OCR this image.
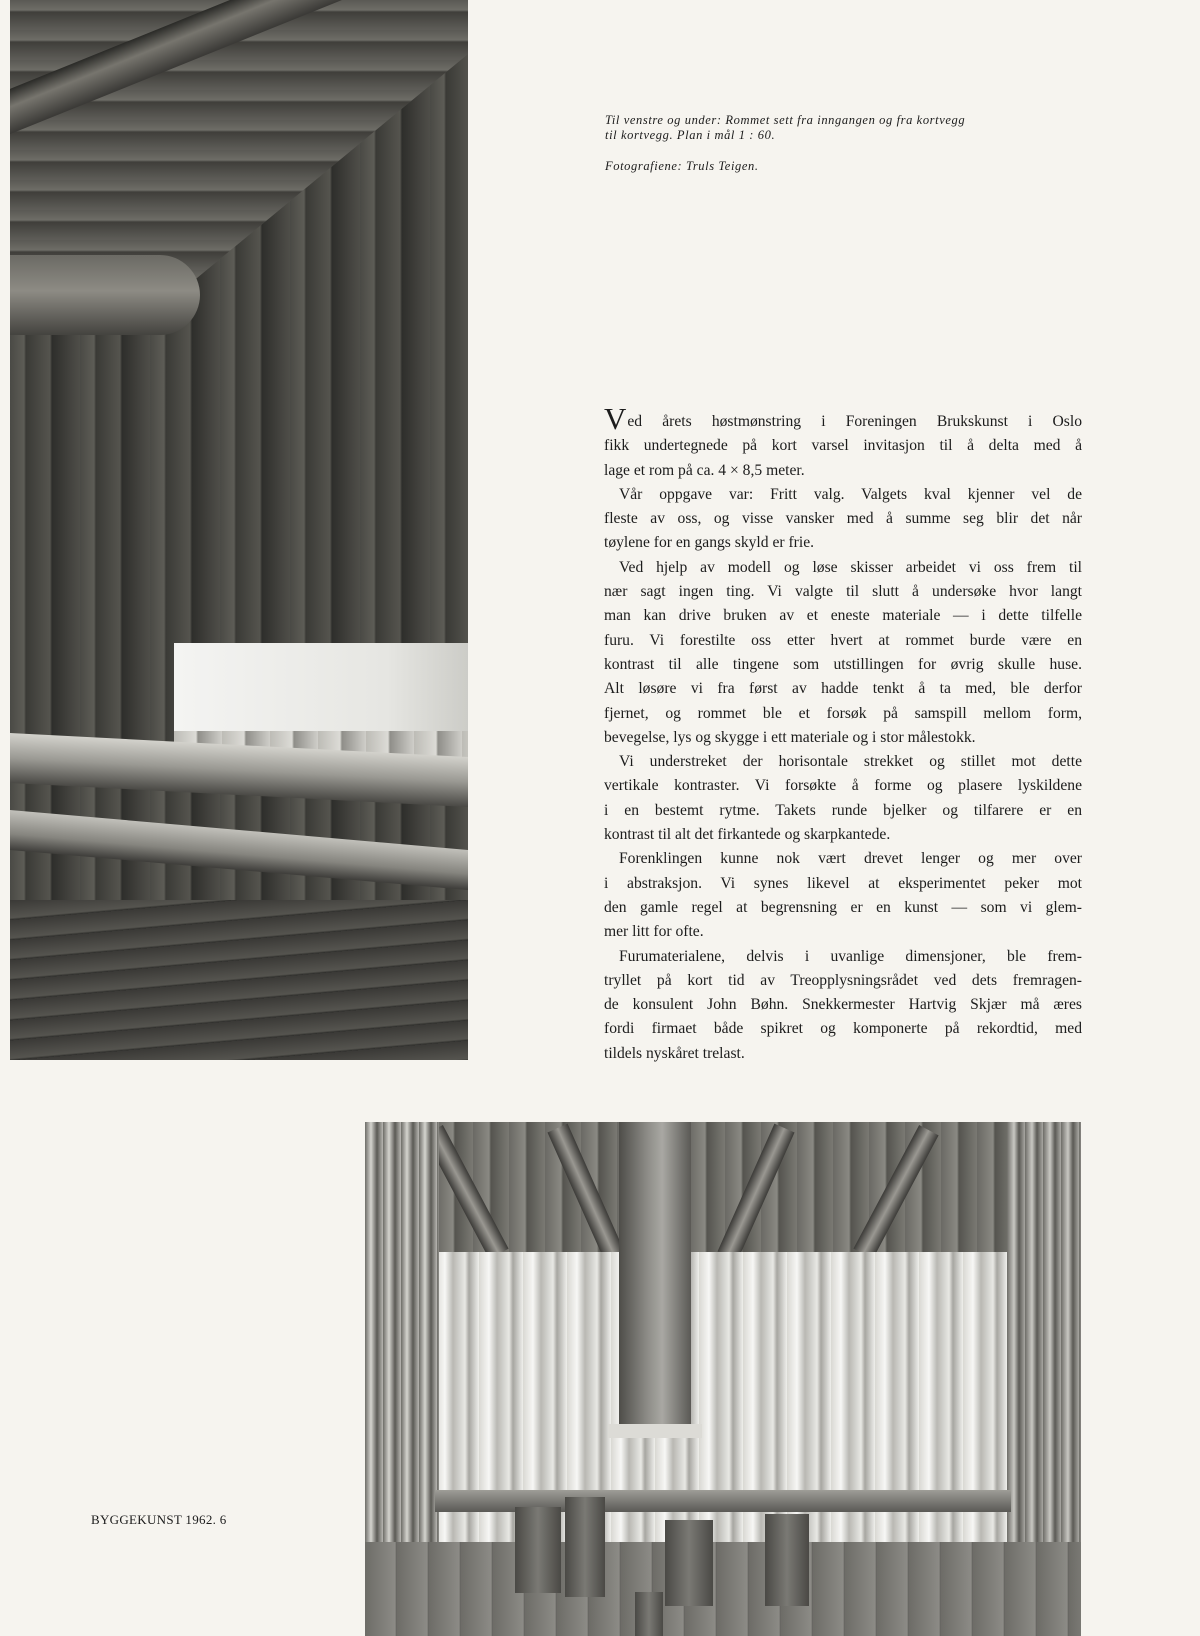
Til venstre og under: Rommet sett fra inngangen og fra kortvegg
til kortvegg. Plan i mål 1 : 60.

Fotografiene: Truls Teigen.

Ved årets høstmønstring i Foreningen Brukskunst i Oslo
fikk undertegnede på kort varsel invitasjon til å delta med å
lage et rom på ca. 4 × 8,5 meter.

Vår oppgave var: Fritt valg. Valgets kval kjenner vel de
fleste av oss, og visse vansker med å summe seg blir det når
tøylene for en gangs skyld er frie.

Ved hjelp av modell og løse skisser arbeidet vi oss frem til
nær sagt ingen ting. Vi valgte til slutt å undersøke hvor langt
man kan drive bruken av et eneste materiale — i dette tilfelle
furu. Vi forestilte oss etter hvert at rommet burde være en
kontrast til alle tingene som utstillingen for øvrig skulle huse.
Alt løsøre vi fra først av hadde tenkt å ta med, ble derfor
fjernet, og rommet ble et forsøk på samspill mellom form,
bevegelse, lys og skygge i ett materiale og i stor målestokk.

Vi understreket der horisontale strekket og stillet mot dette
vertikale kontraster. Vi forsøkte å forme og plasere lyskildene
i en bestemt rytme. Takets runde bjelker og tilfarere er en
kontrast til alt det firkantede og skarpkantede.

Forenklingen kunne nok vært drevet lenger og mer over
i abstraksjon. Vi synes likevel at eksperimentet peker mot
den gamle regel at begrensning er en kunst — som vi glem-
mer litt for ofte.

Furumaterialene, delvis i uvanlige dimensjoner, ble frem-
tryllet på kort tid av Treopplysningsrådet ved dets fremragen-
de konsulent John Bøhn. Snekkermester Hartvig Skjær må æres
fordi firmaet både spikret og komponerte på rekordtid, med
tildels nyskåret trelast.

BYGGEKUNST 1962. 6
